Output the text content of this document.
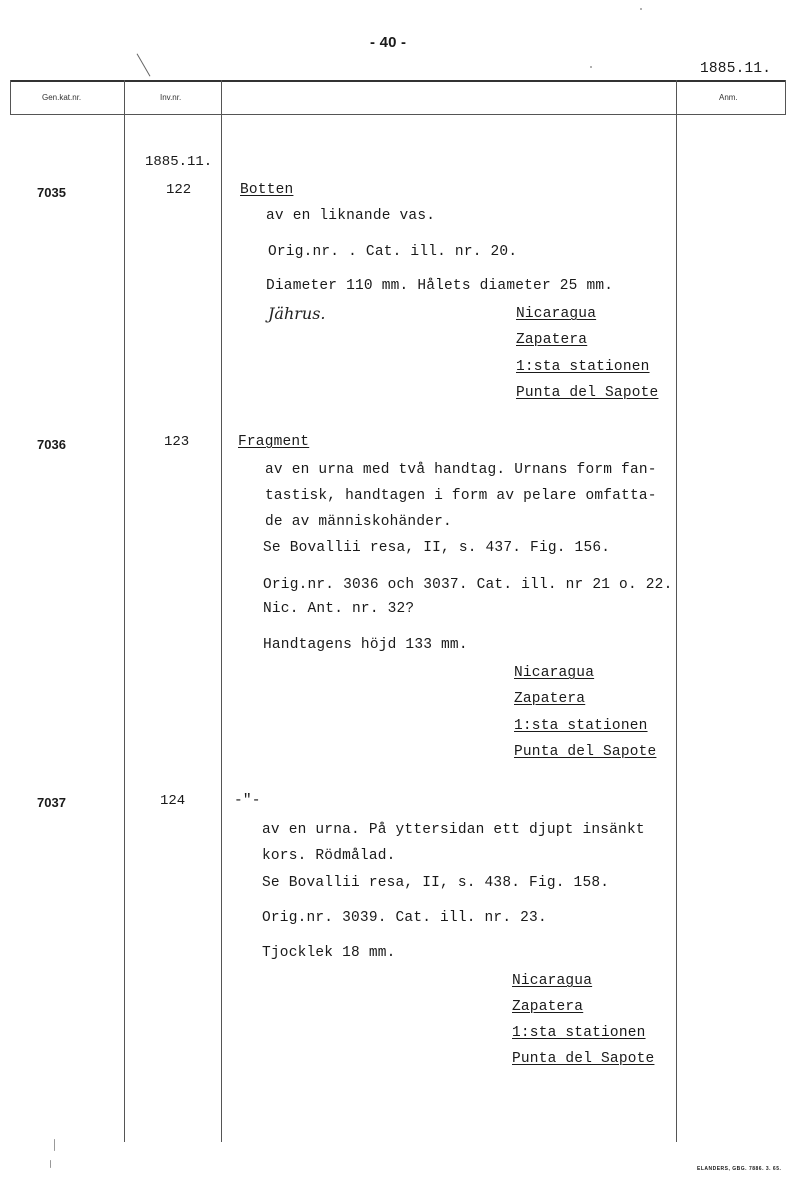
- 40 -
1885.11.
Gen.kat.nr.	Inv.nr.	Anm.
1885.11.
7035	122	Botten
av en liknande vas.
Orig.nr. . Cat. ill. nr. 20.
Diameter 110 mm. Hålets diameter 25 mm.
Jährus.	Nicaragua
Zapatera
1:sta stationen
Punta del Sapote
7036	123	Fragment
av en urna med två handtag. Urnans form fan-
tastisk, handtagen i form av pelare omfatta-
de av människohänder.
Se Bovallii resa, II, s. 437. Fig. 156.
Orig.nr. 3036 och 3037. Cat. ill. nr 21 o. 22.
Nic. Ant. nr. 32?
Handtagens höjd 133 mm.
Nicaragua
Zapatera
1:sta stationen
Punta del Sapote
7037	124	-"-
av en urna. På yttersidan ett djupt insänkt
kors. Rödmålad.
Se Bovallii resa, II, s. 438. Fig. 158.
Orig.nr. 3039. Cat. ill. nr. 23.
Tjocklek 18 mm.
Nicaragua
Zapatera
1:sta stationen
Punta del Sapote
ELANDERS, GBG. 7886. 3. 65.
